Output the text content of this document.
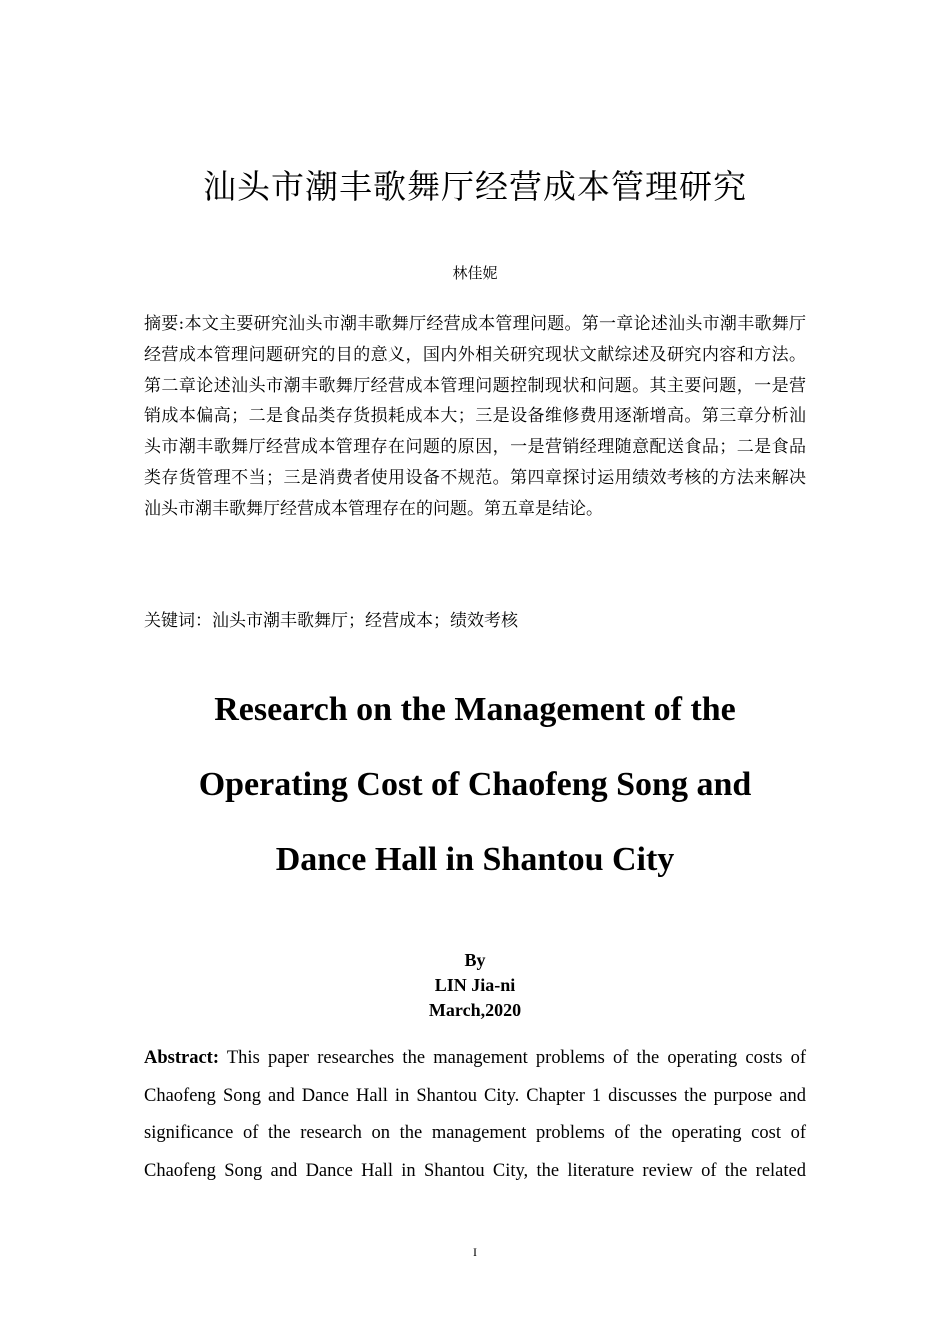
汕头市潮丰歌舞厅经营成本管理研究
林佳妮
摘要:本文主要研究汕头市潮丰歌舞厅经营成本管理问题。第一章论述汕头市潮丰歌舞厅经营成本管理问题研究的目的意义，国内外相关研究现状文献综述及研究内容和方法。第二章论述汕头市潮丰歌舞厅经营成本管理问题控制现状和问题。其主要问题，一是营销成本偏高；二是食品类存货损耗成本大；三是设备维修费用逐渐增高。第三章分析汕头市潮丰歌舞厅经营成本管理存在问题的原因，一是营销经理随意配送食品；二是食品类存货管理不当；三是消费者使用设备不规范。第四章探讨运用绩效考核的方法来解决汕头市潮丰歌舞厅经营成本管理存在的问题。第五章是结论。
关键词：汕头市潮丰歌舞厅；经营成本；绩效考核
Research on the Management of the
Operating Cost of Chaofeng Song and
Dance Hall in Shantou City
By
LIN Jia-ni
March,2020
Abstract: This paper researches the management problems of the operating costs of Chaofeng Song and Dance Hall in Shantou City. Chapter 1 discusses the purpose and significance of the research on the management problems of the operating cost of Chaofeng Song and Dance Hall in Shantou City, the literature review of the related
I
